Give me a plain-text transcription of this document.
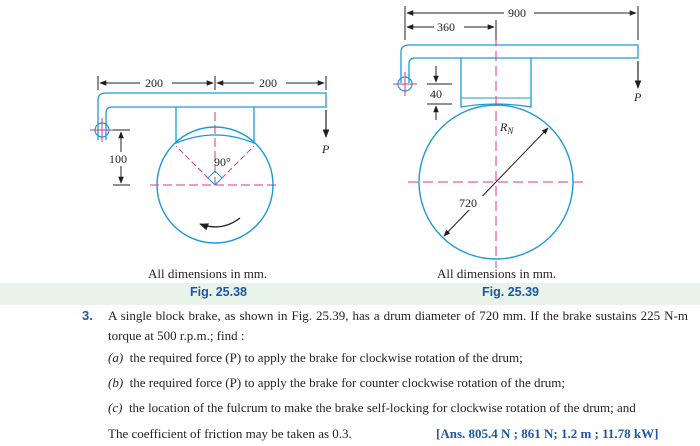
200	200
100	90°
P
720
$R_N$
900
360
40	P
All dimensions in mm.	All dimensions in mm.
Fig. 25.38	Fig. 25.39
3. A single block brake, as shown in Fig. 25.39, has a drum diameter of 720 mm. If the brake sustains 225 N-m torque at 500 r.p.m.; find :
(a) the required force (P) to apply the brake for clockwise rotation of the drum;
(b) the required force (P) to apply the brake for counter clockwise rotation of the drum;
(c) the location of the fulcrum to make the brake self-locking for clockwise rotation of the drum; and
The coefficient of friction may be taken as 0.3.	[Ans. 805.4 N ; 861 N; 1.2 m ; 11.78 kW]
